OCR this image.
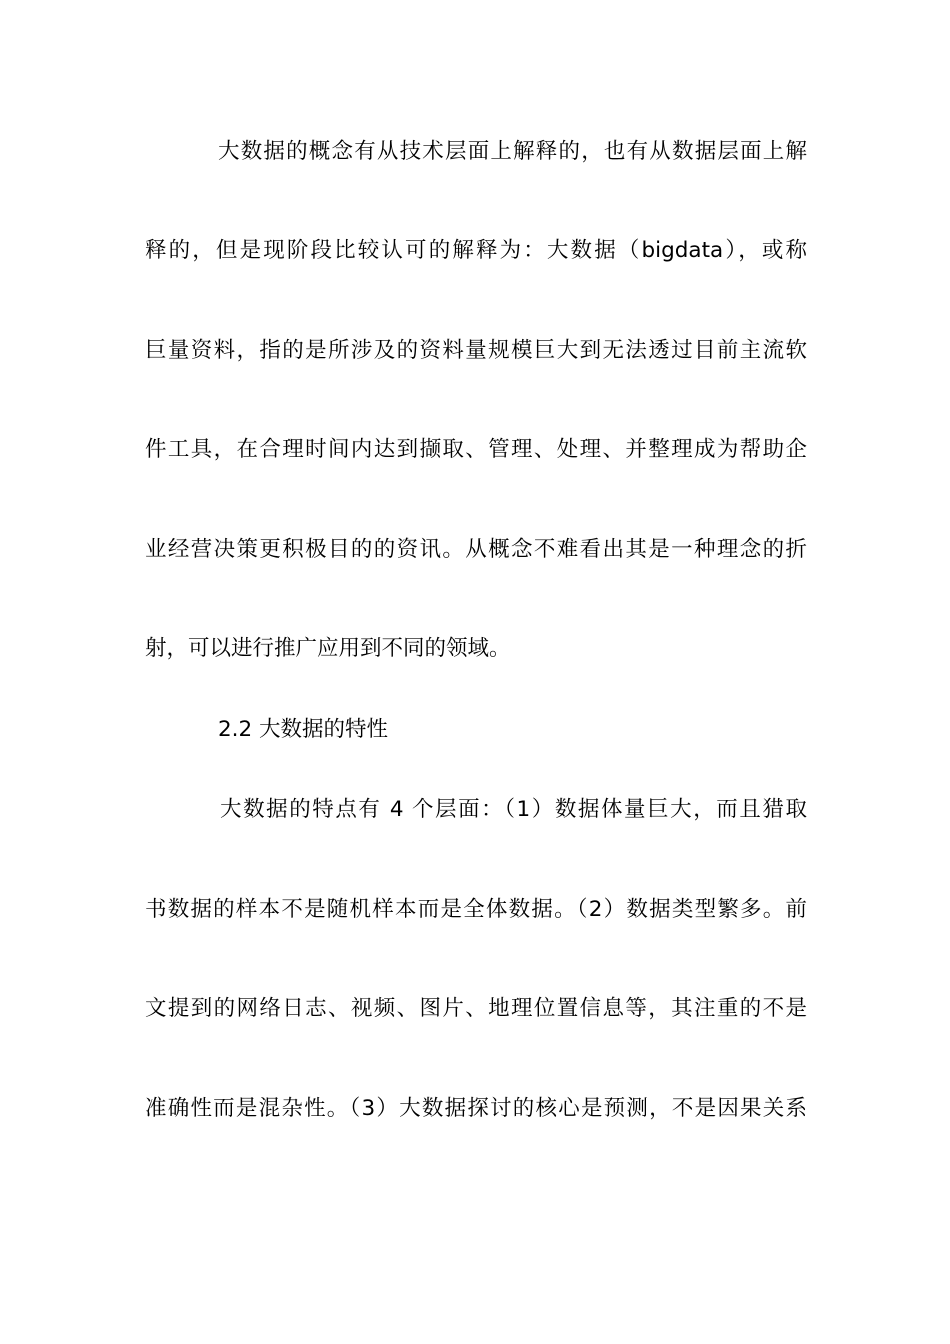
大数据的概念有从技术层面上解释的，也有从数据层面上解
释的，但是现阶段比较认可的解释为：大数据（bigdata），或称
巨量资料，指的是所涉及的资料量规模巨大到无法透过目前主流软
件工具，在合理时间内达到撷取、管理、处理、并整理成为帮助企
业经营决策更积极目的的资讯。从概念不难看出其是一种理念的折
射，可以进行推广应用到不同的领域。
2.2 大数据的特性
大数据的特点有 4 个层面：（1）数据体量巨大，而且猎取
书数据的样本不是随机样本而是全体数据。（2）数据类型繁多。前
文提到的网络日志、视频、图片、地理位置信息等，其注重的不是
准确性而是混杂性。（3）大数据探讨的核心是预测，不是因果关系
